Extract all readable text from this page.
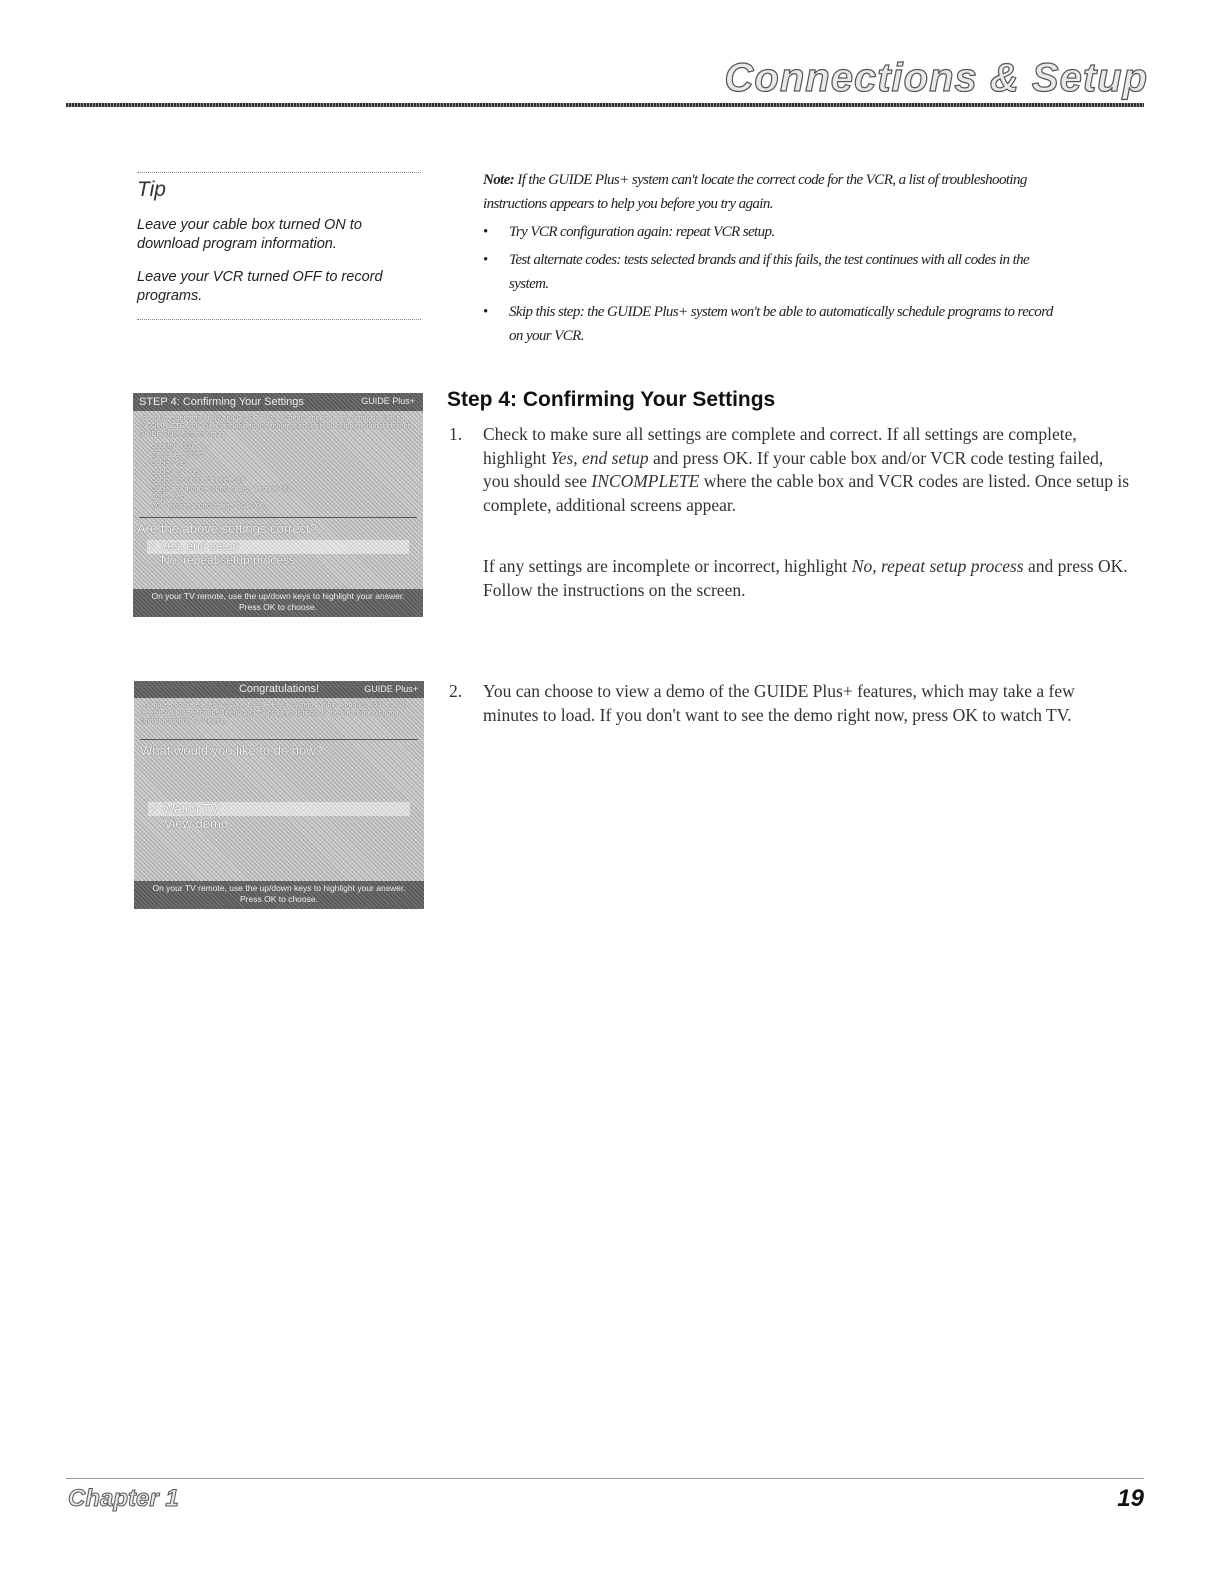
Connections & Setup
Tip
Leave your cable box turned ON to download program information.
Leave your VCR turned OFF to record programs.
Note: If the GUIDE Plus+ system can't locate the correct code for the VCR, a list of troubleshooting instructions appears to help you before you try again.
• Try VCR configuration again: repeat VCR setup.
• Test alternate codes: tests selected brands and if this fails, the test continues with all codes in the system.
• Skip this step: the GUIDE Plus+ system won't be able to automatically schedule programs to record on your VCR.
STEP 4: Confirming Your Settings	GUIDE Plus+
You have entered the following GUIDE Plus+ system settings. If any setting is marked INCOMPLETE, you will not be able to use that feature until you complete that portion of GUIDE Plus+ system setup.
Country - USA
ZIP code - 77777
Cable - Yes
Cable box - Yes
Cable box output channel - 03
Cable box remote control code - Jerrold / 002
VCR - Yes
VCR remote control code - RCA / 001
Are the above settings correct?
✓ Yes, end setup
No, repeat setup process
On your TV remote, use the up/down keys to highlight your answer.
Press OK to choose.
Step 4: Confirming Your Settings
1. Check to make sure all settings are complete and correct. If all settings are complete, highlight Yes, end setup and press OK. If your cable box and/or VCR code testing failed, you should see INCOMPLETE where the cable box and VCR codes are listed. Once setup is complete, additional screens appear.
If any settings are incomplete or incorrect, highlight No, repeat setup process and press OK. Follow the instructions on the screen.
Congratulations!	GUIDE Plus+
You have completed setup of your GUIDE Plus+ system. Within 24 hours, your TV will receive your local channel lineup and TV program listings. In the meantime, you may continue normal TV viewing.
What would you like to do now?
✓ Watch TV
View demo
On your TV remote, use the up/down keys to highlight your answer.
Press OK to choose.
2. You can choose to view a demo of the GUIDE Plus+ features, which may take a few minutes to load. If you don't want to see the demo right now, press OK to watch TV.
Chapter 1	19
